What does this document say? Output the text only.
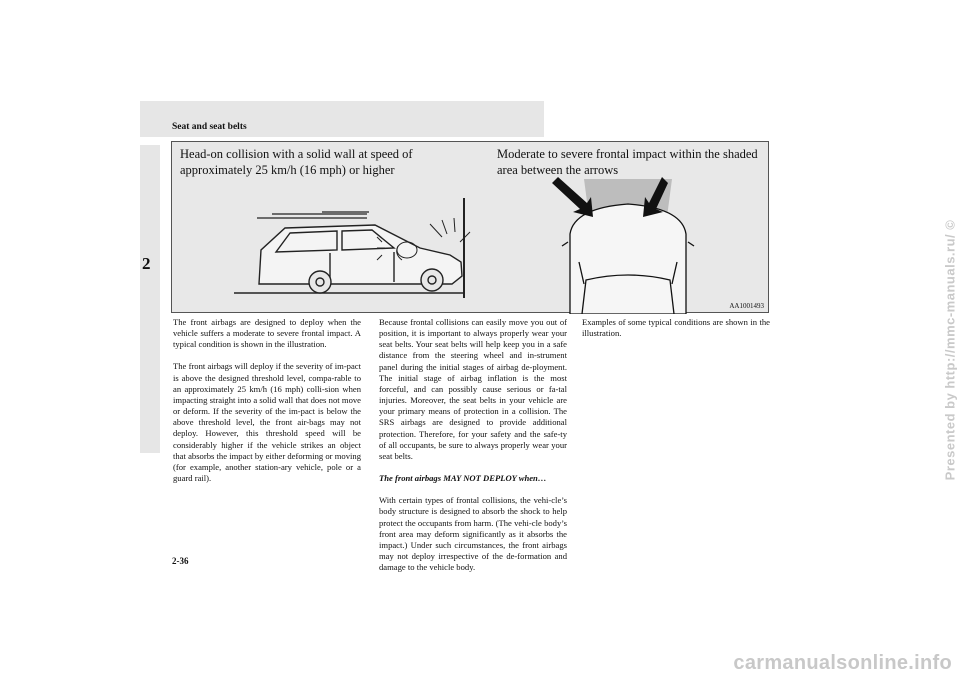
Seat and seat belts
2
Head-on collision with a solid wall at speed of approximately 25 km/h (16 mph) or higher
Moderate to severe frontal impact within the shaded area between the arrows
AA1001493

The front airbags are designed to deploy when the vehicle suffers a moderate to severe frontal impact. A typical condition is shown in the illustration.

The front airbags will deploy if the severity of im-pact is above the designed threshold level, compa-rable to an approximately 25 km/h (16 mph) colli-sion when impacting straight into a solid wall that does not move or deform. If the severity of the im-pact is below the above threshold level, the front air-bags may not deploy. However, this threshold speed will be considerably higher if the vehicle strikes an object that absorbs the impact by either deforming or moving (for example, another station-ary vehicle, pole or a guard rail).

Because frontal collisions can easily move you out of position, it is important to always properly wear your seat belts. Your seat belts will help keep you in a safe distance from the steering wheel and in-strument panel during the initial stages of airbag de-ployment. The initial stage of airbag inflation is the most forceful, and can possibly cause serious or fa-tal injuries. Moreover, the seat belts in your vehicle are your primary means of protection in a collision. The SRS airbags are designed to provide additional protection. Therefore, for your safety and the safe-ty of all occupants, be sure to always properly wear your seat belts.

The front airbags MAY NOT DEPLOY when…

With certain types of frontal collisions, the vehi-cle’s body structure is designed to absorb the shock to help protect the occupants from harm. (The vehi-cle body’s front area may deform significantly as it absorbs the impact.) Under such circumstances, the front airbags may not deploy irrespective of the de-formation and damage to the vehicle body.

Examples of some typical conditions are shown in the illustration.

2-36
Presented by http://mmc-manuals.ru/ ©
carmanualsonline.info
